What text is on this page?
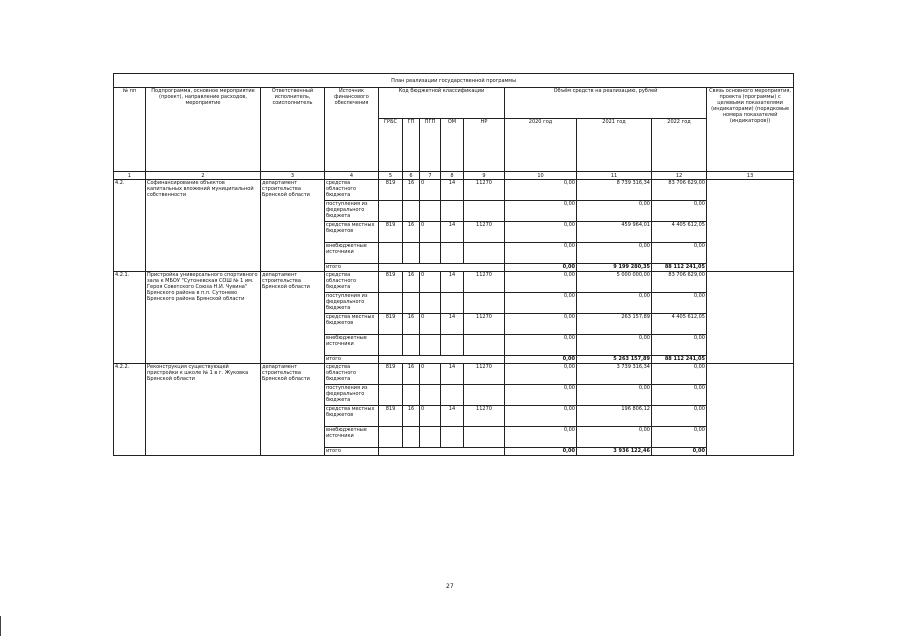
План реализации государственной программы												
№ пп	Подпрограмма, основное мероприятие (проект), направление расходов, мероприятие	Ответственный исполнитель, соисполнитель	Источник финансового обеспечения	Код бюджетной классификации					Объём средств на реализацию, рублей			Связь основного мероприятия, проекта (программы) с целевыми показателями (индикаторами) (порядковые номера показателей (индикаторов))
				ГРБС	ГП	ПГП	ОМ	НР	2020 год	2021 год	2022 год	
1	2	3	4	5	6	7	8	9	10	11	12	13
4.2.	Софинансирование объектов капитальных вложений муниципальной собственности	департамент строительства Брянской области	средства областного бюджета	819	16	0	14	11270	0,00	8 739 316,34	83 706 629,00	
			поступления из федерального бюджета						0,00	0,00	0,00	
			средства местных бюджетов	819	16	0	14	11270	0,00	459 964,01	4 405 612,05	
			внебюджетные источники						0,00	0,00	0,00	
			итого						0,00	9 199 280,35	88 112 241,05	
4.2.1.	Пристройка универсального спортивного зала к МБОУ "Сутоневская СОШ № 1 им. Героя Советского Союза Н.И. Чувина" Брянского района в п.п. Сутонево Брянского района Брянской области	департамент строительства Брянской области	средства областного бюджета	819	16	0	14	11270	0,00	5 000 000,00	83 706 629,00	
			поступления из федерального бюджета						0,00	0,00	0,00	
			средства местных бюджетов	819	16	0	14	11270	0,00	263 157,89	4 405 612,05	
			внебюджетные источники						0,00	0,00	0,00	
			итого						0,00	5 263 157,89	88 112 241,05	
4.2.2.	Реконструкция существующей пристройки к школе № 1 в г. Жуковка Брянской области	департамент строительства Брянской области	средства областного бюджета	819	16	0	14	11270	0,00	3 739 316,34	0,00	
			поступления из федерального бюджета						0,00	0,00	0,00	
			средства местных бюджетов	819	16	0	14	11270	0,00	196 806,12	0,00	
			внебюджетные источники						0,00	0,00	0,00	
			итого						0,00	3 936 122,46	0,00	
27
